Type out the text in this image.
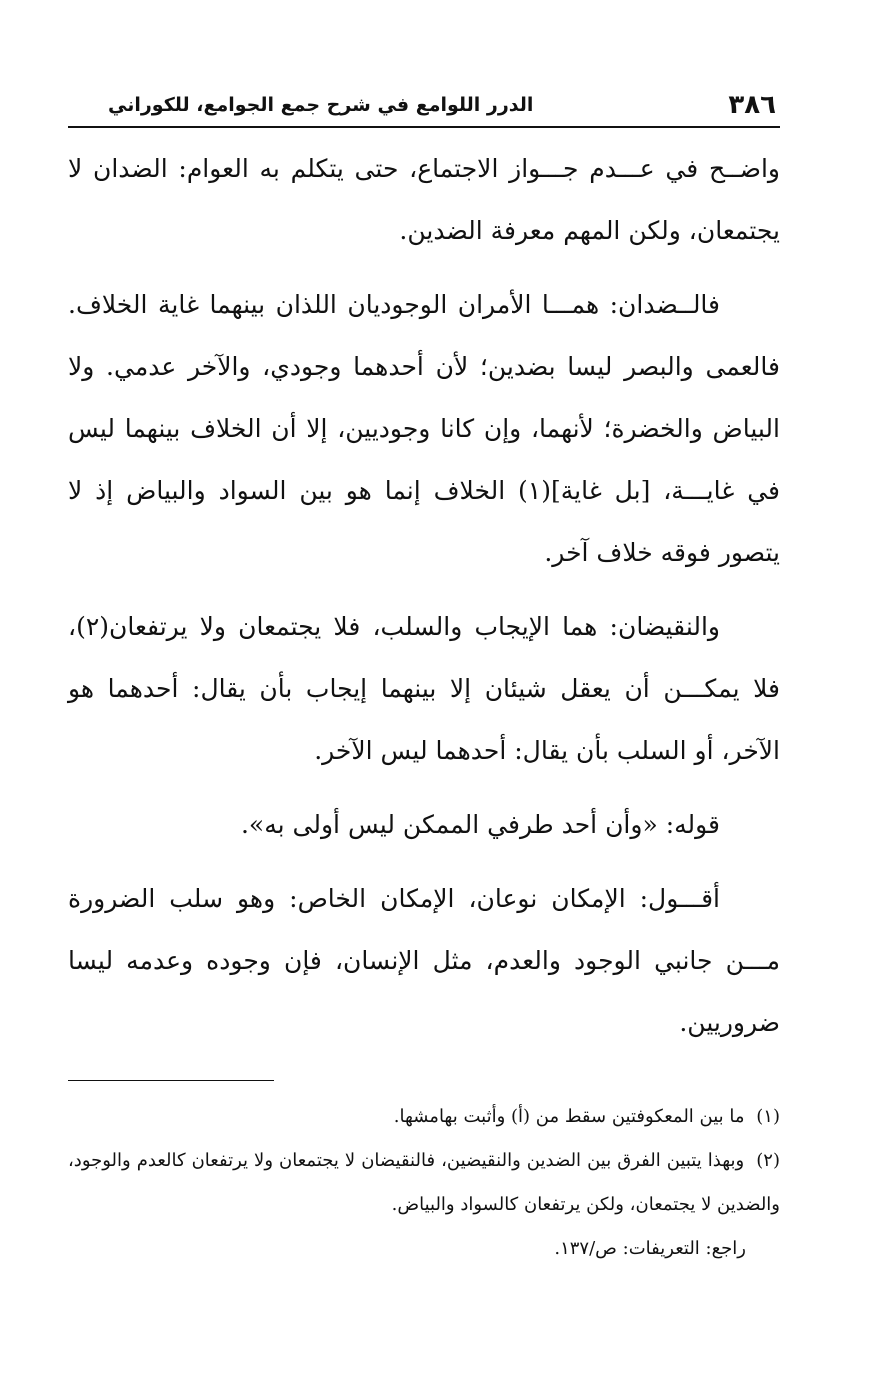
٣٨٦
الدرر اللوامع في شرح جمع الجوامع، للكوراني

واضــح في عـــدم جـــواز الاجتماع، حتى يتكلم به العوام: الضدان لا يجتمعان، ولكن المهم معرفة الضدين.

فالــضدان: همـــا الأمران الوجوديان اللذان بينهما غاية الخلاف. فالعمى والبصر ليسا بضدين؛ لأن أحدهما وجودي، والآخر عدمي. ولا البياض والخضرة؛ لأنهما، وإن كانا وجوديين، إلا أن الخلاف بينهما ليس في غايـــة، [بل غاية](١) الخلاف إنما هو بين السواد والبياض إذ لا يتصور فوقه خلاف آخر.

والنقيضان: هما الإيجاب والسلب، فلا يجتمعان ولا يرتفعان(٢)، فلا يمكـــن أن يعقل شيئان إلا بينهما إيجاب بأن يقال: أحدهما هو الآخر، أو السلب بأن يقال: أحدهما ليس الآخر.

قوله: «وأن أحد طرفي الممكن ليس أولى به».

أقـــول: الإمكان نوعان، الإمكان الخاص: وهو سلب الضرورة مـــن جانبي الوجود والعدم، مثل الإنسان، فإن وجوده وعدمه ليسا ضروريين.

(١) ما بين المعكوفتين سقط من (أ) وأثبت بهامشها.

(٢) وبهذا يتبين الفرق بين الضدين والنقيضين، فالنقيضان لا يجتمعان ولا يرتفعان كالعدم والوجود، والضدين لا يجتمعان، ولكن يرتفعان كالسواد والبياض.

راجع: التعريفات: ص/١٣٧.
